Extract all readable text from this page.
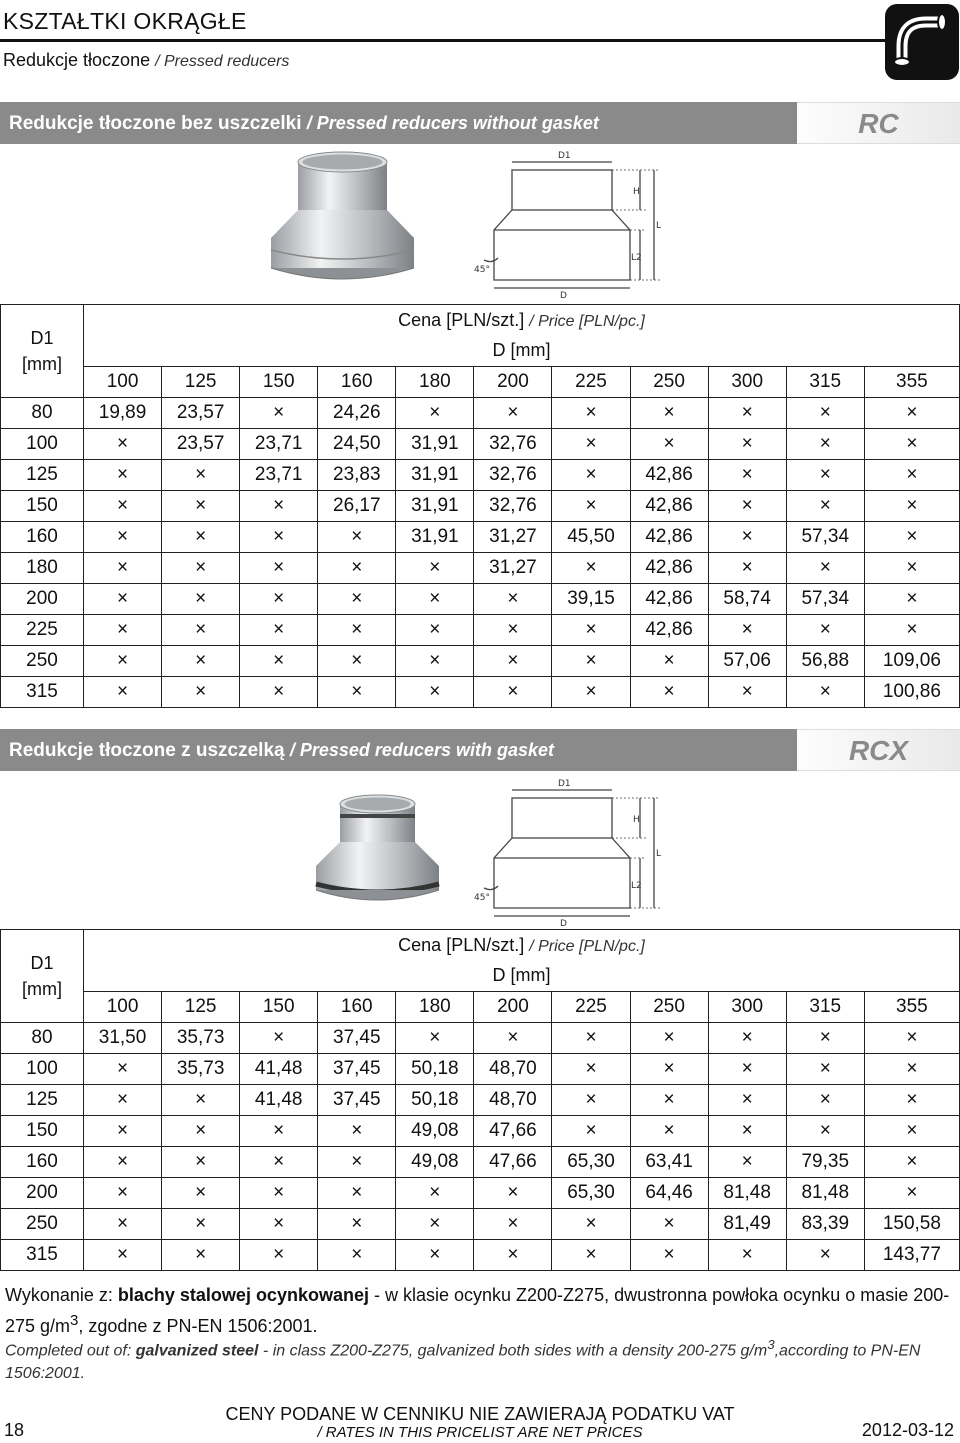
KSZTAŁTKI OKRĄGŁE
Redukcje tłoczone / Pressed reducers
Redukcje tłoczone bez uszczelki / Pressed reducers without gasket	RC
D1
D
H
L
L2
45°
D1
[mm]	Cena [PLN/szt.] / Price [PLN/pc.]										
	D [mm]										
	100	125	150	160	180	200	225	250	300	315	355
80	19,89	23,57	×	24,26	×	×	×	×	×	×	×
100	×	23,57	23,71	24,50	31,91	32,76	×	×	×	×	×
125	×	×	23,71	23,83	31,91	32,76	×	42,86	×	×	×
150	×	×	×	26,17	31,91	32,76	×	42,86	×	×	×
160	×	×	×	×	31,91	31,27	45,50	42,86	×	57,34	×
180	×	×	×	×	×	31,27	×	42,86	×	×	×
200	×	×	×	×	×	×	39,15	42,86	58,74	57,34	×
225	×	×	×	×	×	×	×	42,86	×	×	×
250	×	×	×	×	×	×	×	×	57,06	56,88	109,06
315	×	×	×	×	×	×	×	×	×	×	100,86
Redukcje tłoczone z uszczelką / Pressed reducers with gasket	RCX
D1
D
H
L
L2
45°
D1
[mm]	Cena [PLN/szt.] / Price [PLN/pc.]										
	D [mm]										
	100	125	150	160	180	200	225	250	300	315	355
80	31,50	35,73	×	37,45	×	×	×	×	×	×	×
100	×	35,73	41,48	37,45	50,18	48,70	×	×	×	×	×
125	×	×	41,48	37,45	50,18	48,70	×	×	×	×	×
150	×	×	×	×	49,08	47,66	×	×	×	×	×
160	×	×	×	×	49,08	47,66	65,30	63,41	×	79,35	×
200	×	×	×	×	×	×	65,30	64,46	81,48	81,48	×
250	×	×	×	×	×	×	×	×	81,49	83,39	150,58
315	×	×	×	×	×	×	×	×	×	×	143,77
Wykonanie z: blachy stalowej ocynkowanej - w klasie ocynku Z200-Z275, dwustronna powłoka ocynku o masie 200-275 $g/m^3$, zgodne z PN-EN 1506:2001.
Completed out of: galvanized steel - in class Z200-Z275, galvanized both sides with a density 200-275 $g/m^3,according$ to PN-EN 1506:2001.
CENY PODANE W CENNIKU NIE ZAWIERAJĄ PODATKU VAT
/ RATES IN THIS PRICELIST ARE NET PRICES
18	2012-03-12
